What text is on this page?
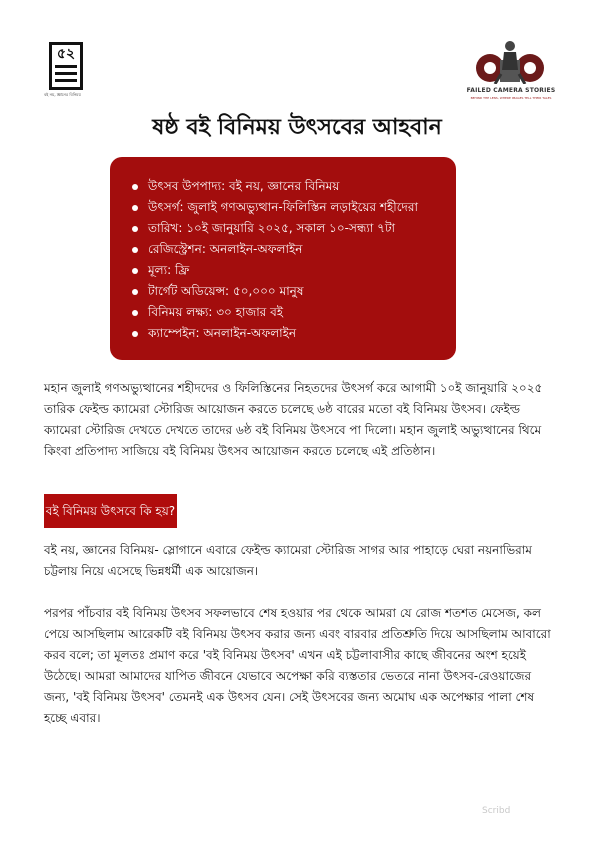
৫২
বই নয়, জ্ঞানের বিনিময়
FAILED CAMERA STORIES
BEHIND THE LENS, WHERE IMAGES TELL THEIR TALES
ষষ্ঠ বই বিনিময় উৎসবের আহবান
উৎসব উপপাদ্য: বই নয়, জ্ঞানের বিনিময়
উৎসর্গ: জুলাই গণঅভ্যুত্থান-ফিলিস্তিন লড়াইয়ের শহীদেরা
তারিখ: ১০ই জানুয়ারি ২০২৫, সকাল ১০-সন্ধ্যা ৭টা
রেজিস্ট্রেশন: অনলাইন-অফলাইন
মূল্য: ফ্রি
টার্গেট অডিয়েন্স: ৫০,০০০ মানুষ
বিনিময় লক্ষ্য: ৩০ হাজার বই
ক্যাম্পেইন: অনলাইন-অফলাইন

মহান জুলাই গণঅভ্যুত্থানের শহীদদের ও ফিলিস্তিনের নিহতদের উৎসর্গ করে আগামী ১০ই জানুয়ারি ২০২৫ তারিক ফেইল্ড ক্যামেরা স্টোরিজ আয়োজন করতে চলেছে ৬ষ্ঠ বারের মতো বই বিনিময় উৎসব। ফেইল্ড ক্যামেরা স্টোরিজ দেখতে দেখতে তাদের ৬ষ্ঠ বই বিনিময় উৎসবে পা দিলো। মহান জুলাই অভ্যুত্থানের থিমে কিংবা প্রতিপাদ্য সাজিয়ে বই বিনিময় উৎসব আয়োজন করতে চলেছে এই প্রতিষ্ঠান।

বই বিনিময় উৎসবে কি হয়?

বই নয়, জ্ঞানের বিনিময়- স্লোগানে এবারে ফেইল্ড ক্যামেরা স্টোরিজ সাগর আর পাহাড়ে ঘেরা নয়নাভিরাম চট্টলায় নিয়ে এসেছে ভিন্নধর্মী এক আয়োজন।

পরপর পাঁচবার বই বিনিময় উৎসব সফলভাবে শেষ হওয়ার পর থেকে আমরা যে রোজ শতশত মেসেজ, কল পেয়ে আসছিলাম আরেকটি বই বিনিময় উৎসব করার জন্য এবং বারবার প্রতিশ্রুতি দিয়ে আসছিলাম আবারো করব বলে; তা মূলতঃ প্রমাণ করে 'বই বিনিময় উৎসব' এখন এই চট্টলাবাসীর কাছে জীবনের অংশ হয়েই উঠেছে। আমরা আমাদের যাপিত জীবনে যেভাবে অপেক্ষা করি ব্যস্ততার ভেতরে নানা উৎসব-রেওয়াজের জন্য, 'বই বিনিময় উৎসব' তেমনই এক উৎসব যেন। সেই উৎসবের জন্য অমোঘ এক অপেক্ষার পালা শেষ হচ্ছে এবার।

Scribd
